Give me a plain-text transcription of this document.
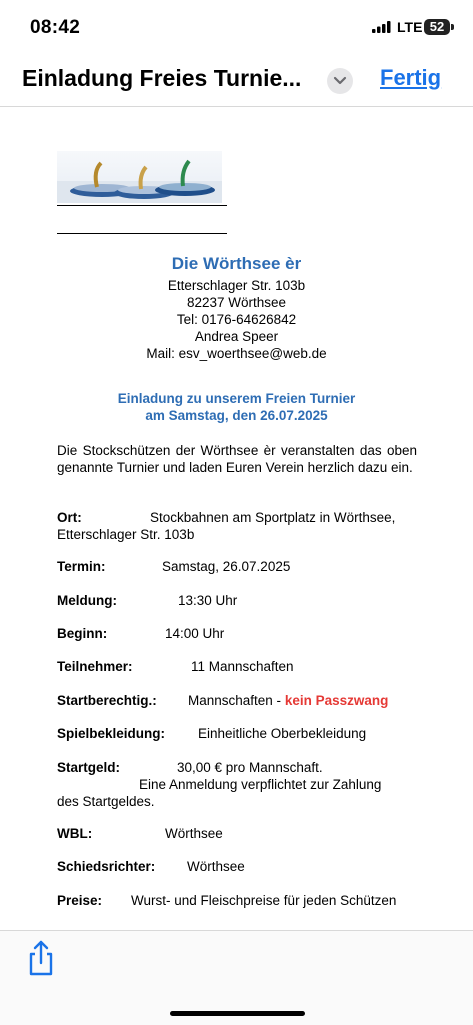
08:42	LTE 52
Einladung Freies Turnie...	Fertig
Die Wörthsee èr
Etterschlager Str. 103b
82237 Wörthsee
Tel: 0176-64626842
Andrea Speer
Mail: esv_woerthsee@web.de
Einladung zu unserem Freien Turnier
am Samstag, den 26.07.2025
Die Stockschützen der Wörthsee èr veranstalten das oben genannte Turnier und laden Euren Verein herzlich dazu ein.
Ort:	Stockbahnen am Sportplatz in Wörthsee,
Etterschlager Str. 103b
Termin:	Samstag, 26.07.2025
Meldung:	13:30 Uhr
Beginn:	14:00 Uhr
Teilnehmer:	11 Mannschaften
Startberechtig.: Mannschaften - kein Passzwang
Spielbekleidung: Einheitliche Oberbekleidung
Startgeld:	30,00 € pro Mannschaft.
Eine Anmeldung verpflichtet zur Zahlung
des Startgeldes.
WBL:	Wörthsee
Schiedsrichter: Wörthsee
Preise: Wurst- und Fleischpreise für jeden Schützen
